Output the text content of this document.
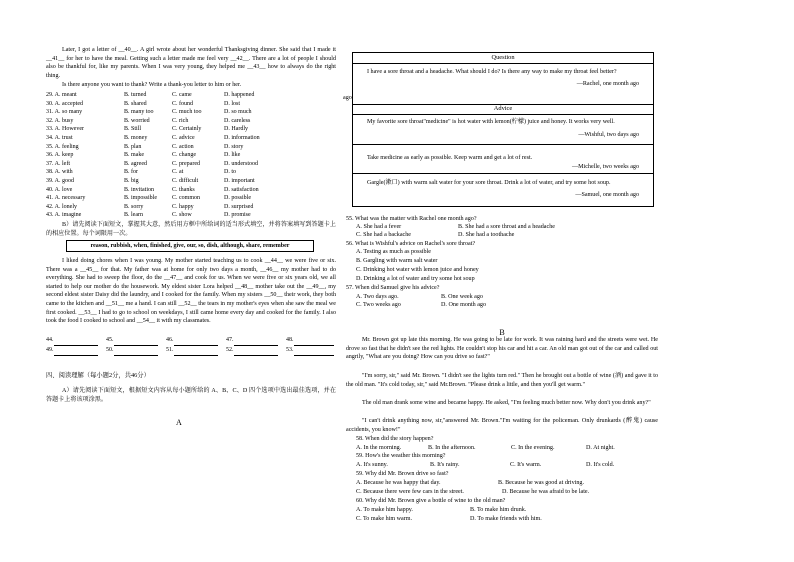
Later, I got a letter of __40__. A girl wrote about her wonderful Thanksgiving dinner. She said that I made it __41__ for her to have the meal. Getting such a letter made me feel very __42__. There are a lot of people I should also be thankful for, like my parents. When I was very young, they helped me __43__ how to always do the right thing.
Is there anyone you want to thank? Write a thank-you letter to him or her.
29. A. meant	B. turned	C. came	D. happened
30. A. accepted	B. shared	C. found	D. lost
31. A. so many	B. many too	C. much too	D. so much
32. A. busy	B. worried	C. rich	D. careless
33. A. However	B. Still	C. Certainly	D. Hardly
34. A. trust	B. money	C. advice	D. information
35. A. feeling	B. plan	C. action	D. story
36. A. keep	B. make	C. change	D. like
37. A. left	B. agreed	C. prepared	D. understood
38. A. with	B. for	C. at	D. to
39. A. good	B. big	C. difficult	D. important
40. A. love	B. invitation	C. thanks	D. satisfaction
41. A. necessary	B. impossible	C. common	D. possible
42. A. lonely	B. sorry	C. happy	D. surprised
43. A. imagine	B. learn	C. show	D. promise
B）请先阅读下面短文，掌握其大意，然后用方框中所给词的适当形式填空，并将答案填写到答题卡上的相应位置。每个词限用一次。
reason, rubbish, when, finished, give, our, so, dish, although, share, remember
I liked doing chores when I was young. My mother started teaching us to cook __44__ we were five or six. There was a __45__ for that. My father was at home for only two days a month, __46__ my mother had to do everything. She had to sweep the floor, do the __47__ and cook for us. When we were five or six years old, we all started to help our mother do the housework. My eldest sister Lora helped __48__ mother take out the __49__, my second eldest sister Daisy did the laundry, and I cooked for the family. When my sisters __50__ their work, they both came to the kitchen and __51__ me a hand. I can still __52__ the tears in my mother's eyes when she saw the meal we first cooked. __53__ I had to go to school on weekdays, I still came home every day and cooked for the family. I also took the food I cooked to school and __54__ it with my classmates.
44.	45.	46.	47.	48.
49.	50.	51.	52.	53.
四、阅读理解（每小题2分，共46分）
A）请先阅读下面短文，根据短文内容从每小题所给的 A、B、C、D 四个选项中选出最佳选项，并在答题卡上将该项涂黑。
A
Question
I have a sore throat and a headache. What should I do? Is there any way to make my throat feel better?
ago
—Rachel, one month ago
Advice
My favorite sore throat"medicine" is hot water with lemon(柠檬) juice and honey. It works very well.
—Wishful, two days ago
Take medicine as early as possible. Keep warm and get a lot of rest.
—Michelle, two weeks ago
Gargle(漱口) with warm salt water for your sore throat. Drink a lot of water, and try some hot soup.
—Samuel, one month ago
55. What was the matter with Rachel one month ago?
A. She had a fever	B. She had a sore throat and a headache
C. She had a backache	D. She had a toothache
56. What is Wishful's advice on Rachel's sore throat?
A. Testing as much as possible
B. Gargling with warm salt water
C. Drinking hot water with lemon juice and honey
D. Drinking a lot of water and try some hot soup
57. When did Samuel give his advice?
A. Two days ago.	B. One week ago
C. Two weeks ago	D. One month ago
B
Mr. Brown got up late this morning. He was going to be late for work. It was raining hard and the streets were wet. He drove so fast that he didn't see the red lights. He couldn't stop his car and hit a car. An old man got out of the car and called out angrily, "What are you doing? How can you drive so fast?"
"I'm sorry, sir," said Mr. Brown. "I didn't see the lights turn red." Then he brought out a bottle of wine (酒) and gave it to the old man. "It's cold today, sir," said Mr.Brown. "Please drink a little, and then you'll get warm."
The old man drank some wine and became happy. He asked, "I'm feeling much better now. Why don't you drink any?"
"I can't drink anything now, sir,"answered Mr. Brown."I'm waiting for the policeman. Only drunkards (醉鬼) cause accidents, you know!"
58. When did the story happen?
A. In the morning.	B. In the afternoon.	C. In the evening.	D. At night.
59. How's the weather this morning?
A. It's sunny.	B. It's rainy.	C. It's warm.	D. It's cold.
59. Why did Mr. Brown drive so fast?
A. Because he was happy that day.	B. Because he was good at driving.
C. Because there were few cars in the street.	D. Because he was afraid to be late.
60. Why did Mr. Brown give a bottle of wine to the old man?
A. To make him happy.	B. To make him drunk.
C. To make him warm.	D. To make friends with him.
